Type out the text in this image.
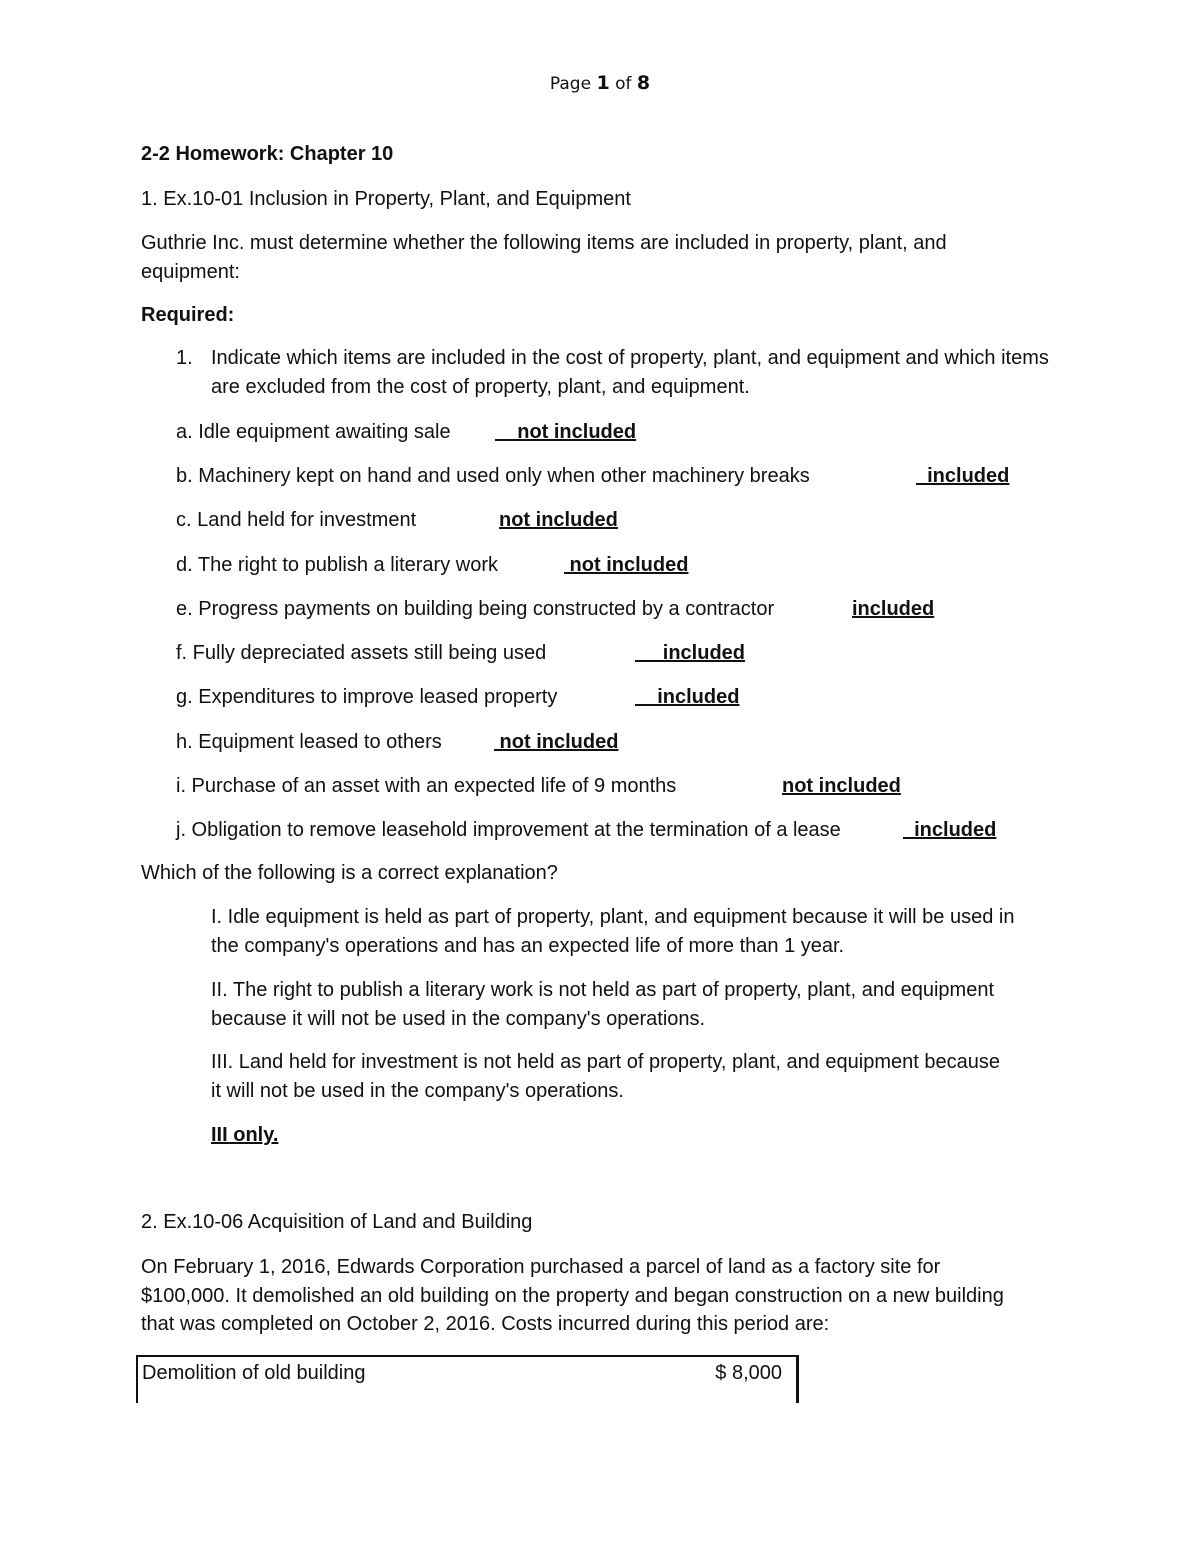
Page 1 of 8
2-2 Homework: Chapter 10
1. Ex.10-01 Inclusion in Property, Plant, and Equipment
Guthrie Inc. must determine whether the following items are included in property, plant, and equipment:
Required:
1. Indicate which items are included in the cost of property, plant, and equipment and which items are excluded from the cost of property, plant, and equipment.
a. Idle equipment awaiting sale not included
b. Machinery kept on hand and used only when other machinery breaks	included
c. Land held for investment	not included
d. The right to publish a literary work	not included
e. Progress payments on building being constructed by a contractor	included
f. Fully depreciated assets still being used	included
g. Expenditures to improve leased property	included
h. Equipment leased to others	not included
i. Purchase of an asset with an expected life of 9 months	not included
j. Obligation to remove leasehold improvement at the termination of a lease	included
Which of the following is a correct explanation?
I. Idle equipment is held as part of property, plant, and equipment because it will be used in the company's operations and has an expected life of more than 1 year.
II. The right to publish a literary work is not held as part of property, plant, and equipment because it will not be used in the company's operations.
III. Land held for investment is not held as part of property, plant, and equipment because it will not be used in the company's operations.
III only.
2. Ex.10-06 Acquisition of Land and Building
On February 1, 2016, Edwards Corporation purchased a parcel of land as a factory site for $100,000. It demolished an old building on the property and began construction on a new building that was completed on October 2, 2016. Costs incurred during this period are:
Demolition of old building	$ 8,000
